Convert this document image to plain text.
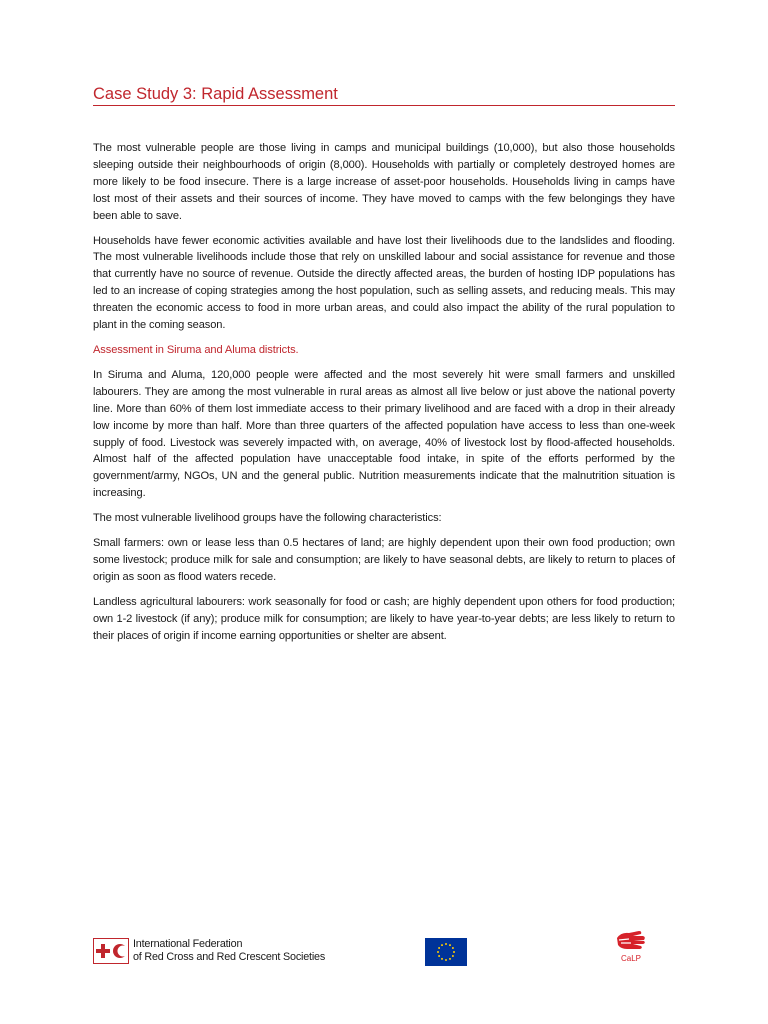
Case Study 3: Rapid Assessment

The most vulnerable people are those living in camps and municipal buildings (10,000), but also those households sleeping outside their neighbourhoods of origin (8,000). Households with partially or completely destroyed homes are more likely to be food insecure. There is a large increase of asset-poor households. Households living in camps have lost most of their assets and their sources of income. They have moved to camps with the few belongings they have been able to save.

Households have fewer economic activities available and have lost their livelihoods due to the landslides and flooding. The most vulnerable livelihoods include those that rely on unskilled labour and social assistance for revenue and those that currently have no source of revenue. Outside the directly affected areas, the burden of hosting IDP populations has led to an increase of coping strategies among the host population, such as selling assets, and reducing meals. This may threaten the economic access to food in more urban areas, and could also impact the ability of the rural population to plant in the coming season.

Assessment in Siruma and Aluma districts.

In Siruma and Aluma, 120,000 people were affected and the most severely hit were small farmers and unskilled labourers. They are among the most vulnerable in rural areas as almost all live below or just above the national poverty line. More than 60% of them lost immediate access to their primary livelihood and are faced with a drop in their already low income by more than half. More than three quarters of the affected population have access to less than one-week supply of food. Livestock was severely impacted with, on average, 40% of livestock lost by flood-affected households. Almost half of the affected population have unacceptable food intake, in spite of the efforts performed by the government/army, NGOs, UN and the general public. Nutrition measurements indicate that the malnutrition situation is increasing.

The most vulnerable livelihood groups have the following characteristics:

Small farmers: own or lease less than 0.5 hectares of land; are highly dependent upon their own food production; own some livestock; produce milk for sale and consumption; are likely to have seasonal debts, are likely to return to places of origin as soon as flood waters recede.

Landless agricultural labourers: work seasonally for food or cash; are highly dependent upon others for food production; own 1-2 livestock (if any); produce milk for consumption; are likely to have year-to-year debts; are less likely to return to their places of origin if income earning opportunities or shelter are absent.

International Federation
of Red Cross and Red Crescent Societies	CaLP
